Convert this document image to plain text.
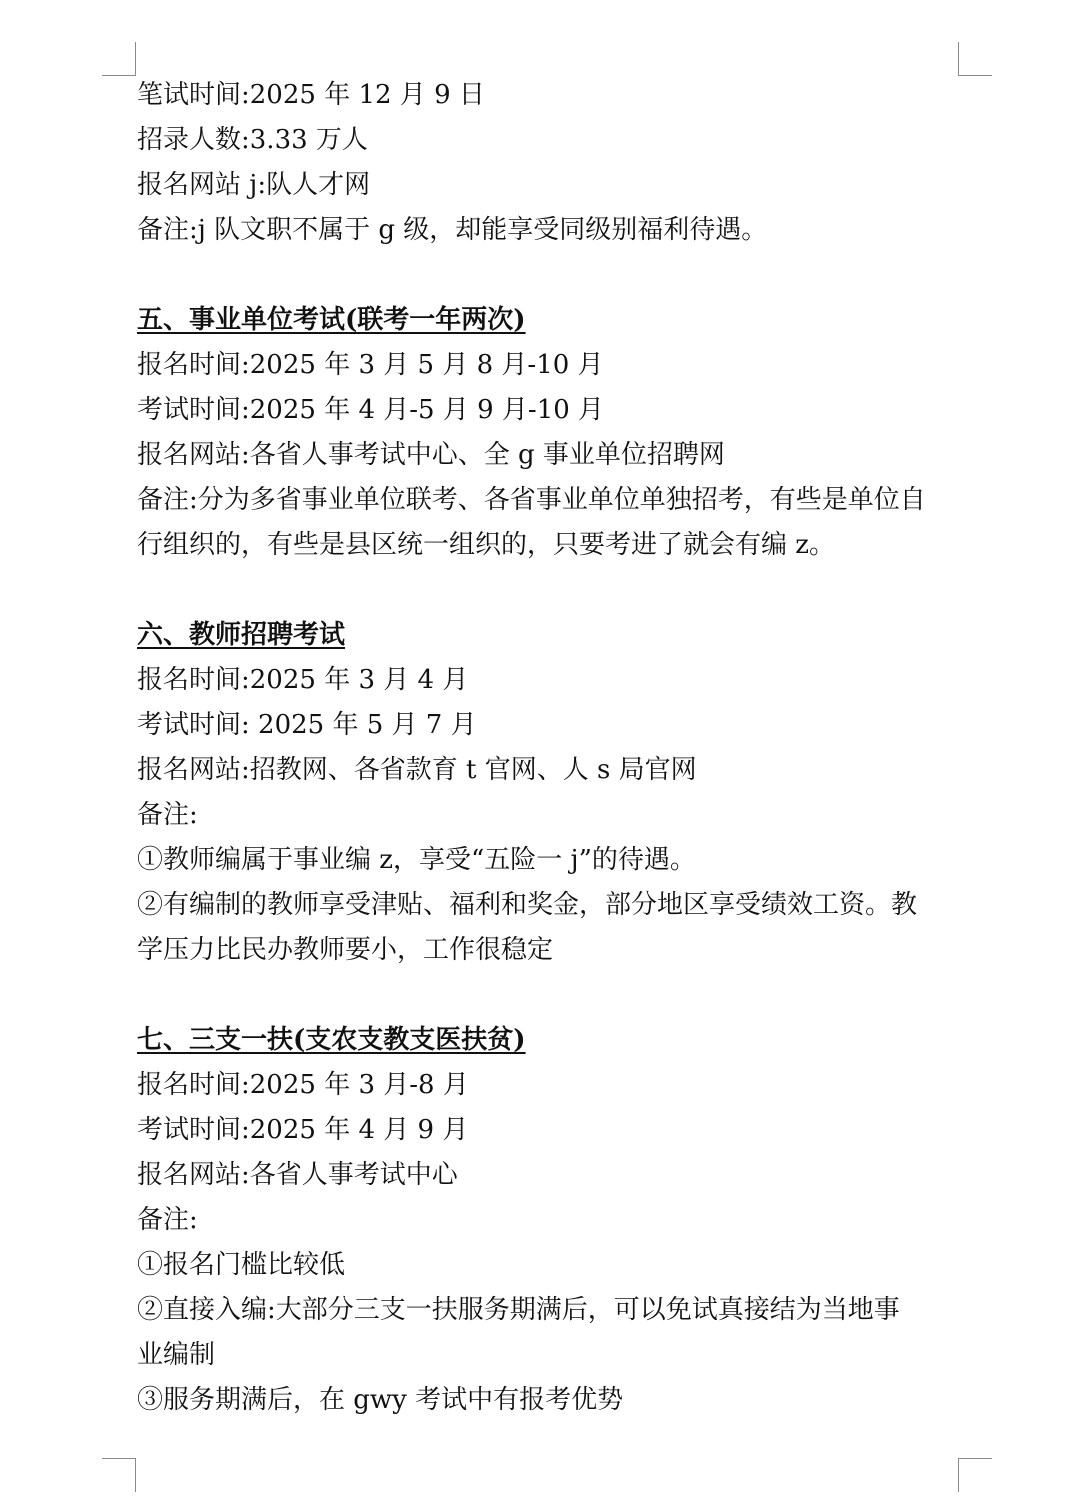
笔试时间:2025 年 12 月 9 日
招录人数:3.33 万人
报名网站 j:队人才网
备注:j 队文职不属于 g 级，却能享受同级别福利待遇。
五、事业单位考试(联考一年两次)
报名时间:2025 年 3 月 5 月 8 月-10 月
考试时间:2025 年 4 月-5 月 9 月-10 月
报名网站:各省人事考试中心、全 g 事业单位招聘网
备注:分为多省事业单位联考、各省事业单位单独招考，有些是单位自
行组织的，有些是县区统一组织的，只要考进了就会有编 z。
六、教师招聘考试
报名时间:2025 年 3 月 4 月
考试时间: 2025 年 5 月 7 月
报名网站:招教网、各省款育 t 官网、人 s 局官网
备注:
①教师编属于事业编 z，享受“五险一 j”的待遇。
②有编制的教师享受津贴、福利和奖金，部分地区享受绩效工资。教
学压力比民办教师要小，工作很稳定
七、三支一扶(支农支教支医扶贫)
报名时间:2025 年 3 月-8 月
考试时间:2025 年 4 月 9 月
报名网站:各省人事考试中心
备注:
①报名门槛比较低
②直接入编:大部分三支一扶服务期满后，可以免试真接结为当地事
业编制
③服务期满后，在 gwy 考试中有报考优势
